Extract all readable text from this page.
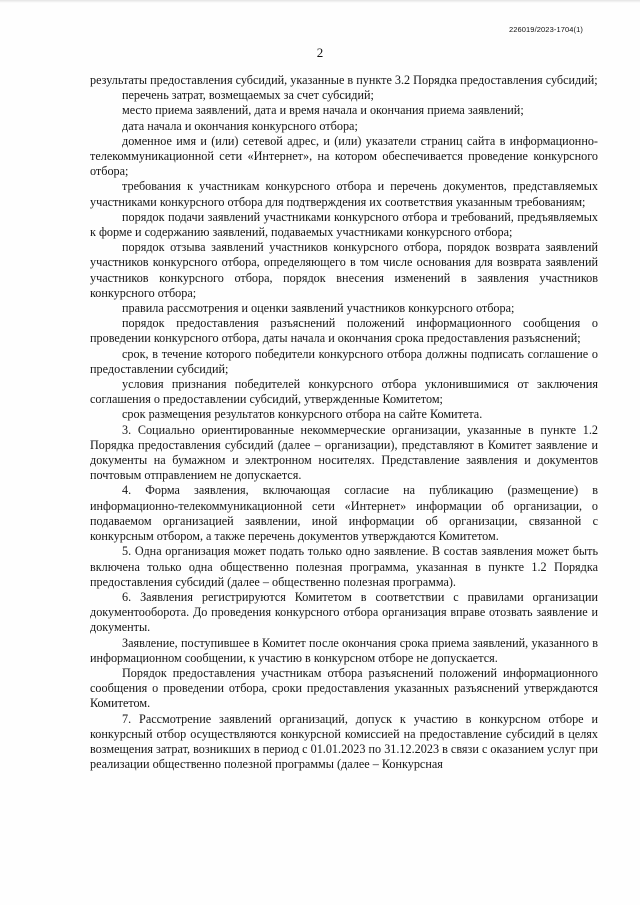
226019/2023-1704(1)
2

результаты предоставления субсидий, указанные в пункте 3.2 Порядка предоставления субсидий;

перечень затрат, возмещаемых за счет субсидий;

место приема заявлений, дата и время начала и окончания приема заявлений;

дата начала и окончания конкурсного отбора;

доменное имя и (или) сетевой адрес, и (или) указатели страниц сайта в информационно-телекоммуникационной сети «Интернет», на котором обеспечивается проведение конкурсного отбора;

требования к участникам конкурсного отбора и перечень документов, представляемых участниками конкурсного отбора для подтверждения их соответствия указанным требованиям;

порядок подачи заявлений участниками конкурсного отбора и требований, предъявляемых к форме и содержанию заявлений, подаваемых участниками конкурсного отбора;

порядок отзыва заявлений участников конкурсного отбора, порядок возврата заявлений участников конкурсного отбора, определяющего в том числе основания для возврата заявлений участников конкурсного отбора, порядок внесения изменений в заявления участников конкурсного отбора;

правила рассмотрения и оценки заявлений участников конкурсного отбора;

порядок предоставления разъяснений положений информационного сообщения о проведении конкурсного отбора, даты начала и окончания срока предоставления разъяснений;

срок, в течение которого победители конкурсного отбора должны подписать соглашение о предоставлении субсидий;

условия признания победителей конкурсного отбора уклонившимися от заключения соглашения о предоставлении субсидий, утвержденные Комитетом;

срок размещения результатов конкурсного отбора на сайте Комитета.

3. Социально ориентированные некоммерческие организации, указанные в пункте 1.2 Порядка предоставления субсидий (далее – организации), представляют в Комитет заявление и документы на бумажном и электронном носителях. Представление заявления и документов почтовым отправлением не допускается.

4. Форма заявления, включающая согласие на публикацию (размещение) в информационно-телекоммуникационной сети «Интернет» информации об организации, о подаваемом организацией заявлении, иной информации об организации, связанной с конкурсным отбором, а также перечень документов утверждаются Комитетом.

5. Одна организация может подать только одно заявление. В состав заявления может быть включена только одна общественно полезная программа, указанная в пункте 1.2 Порядка предоставления субсидий (далее – общественно полезная программа).

6. Заявления регистрируются Комитетом в соответствии с правилами организации документооборота. До проведения конкурсного отбора организация вправе отозвать заявление и документы.

Заявление, поступившее в Комитет после окончания срока приема заявлений, указанного в информационном сообщении, к участию в конкурсном отборе не допускается.

Порядок предоставления участникам отбора разъяснений положений информационного сообщения о проведении отбора, сроки предоставления указанных разъяснений утверждаются Комитетом.

7. Рассмотрение заявлений организаций, допуск к участию в конкурсном отборе и конкурсный отбор осуществляются конкурсной комиссией на предоставление субсидий в целях возмещения затрат, возникших в период с 01.01.2023 по 31.12.2023 в связи с оказанием услуг при реализации общественно полезной программы (далее – Конкурсная
